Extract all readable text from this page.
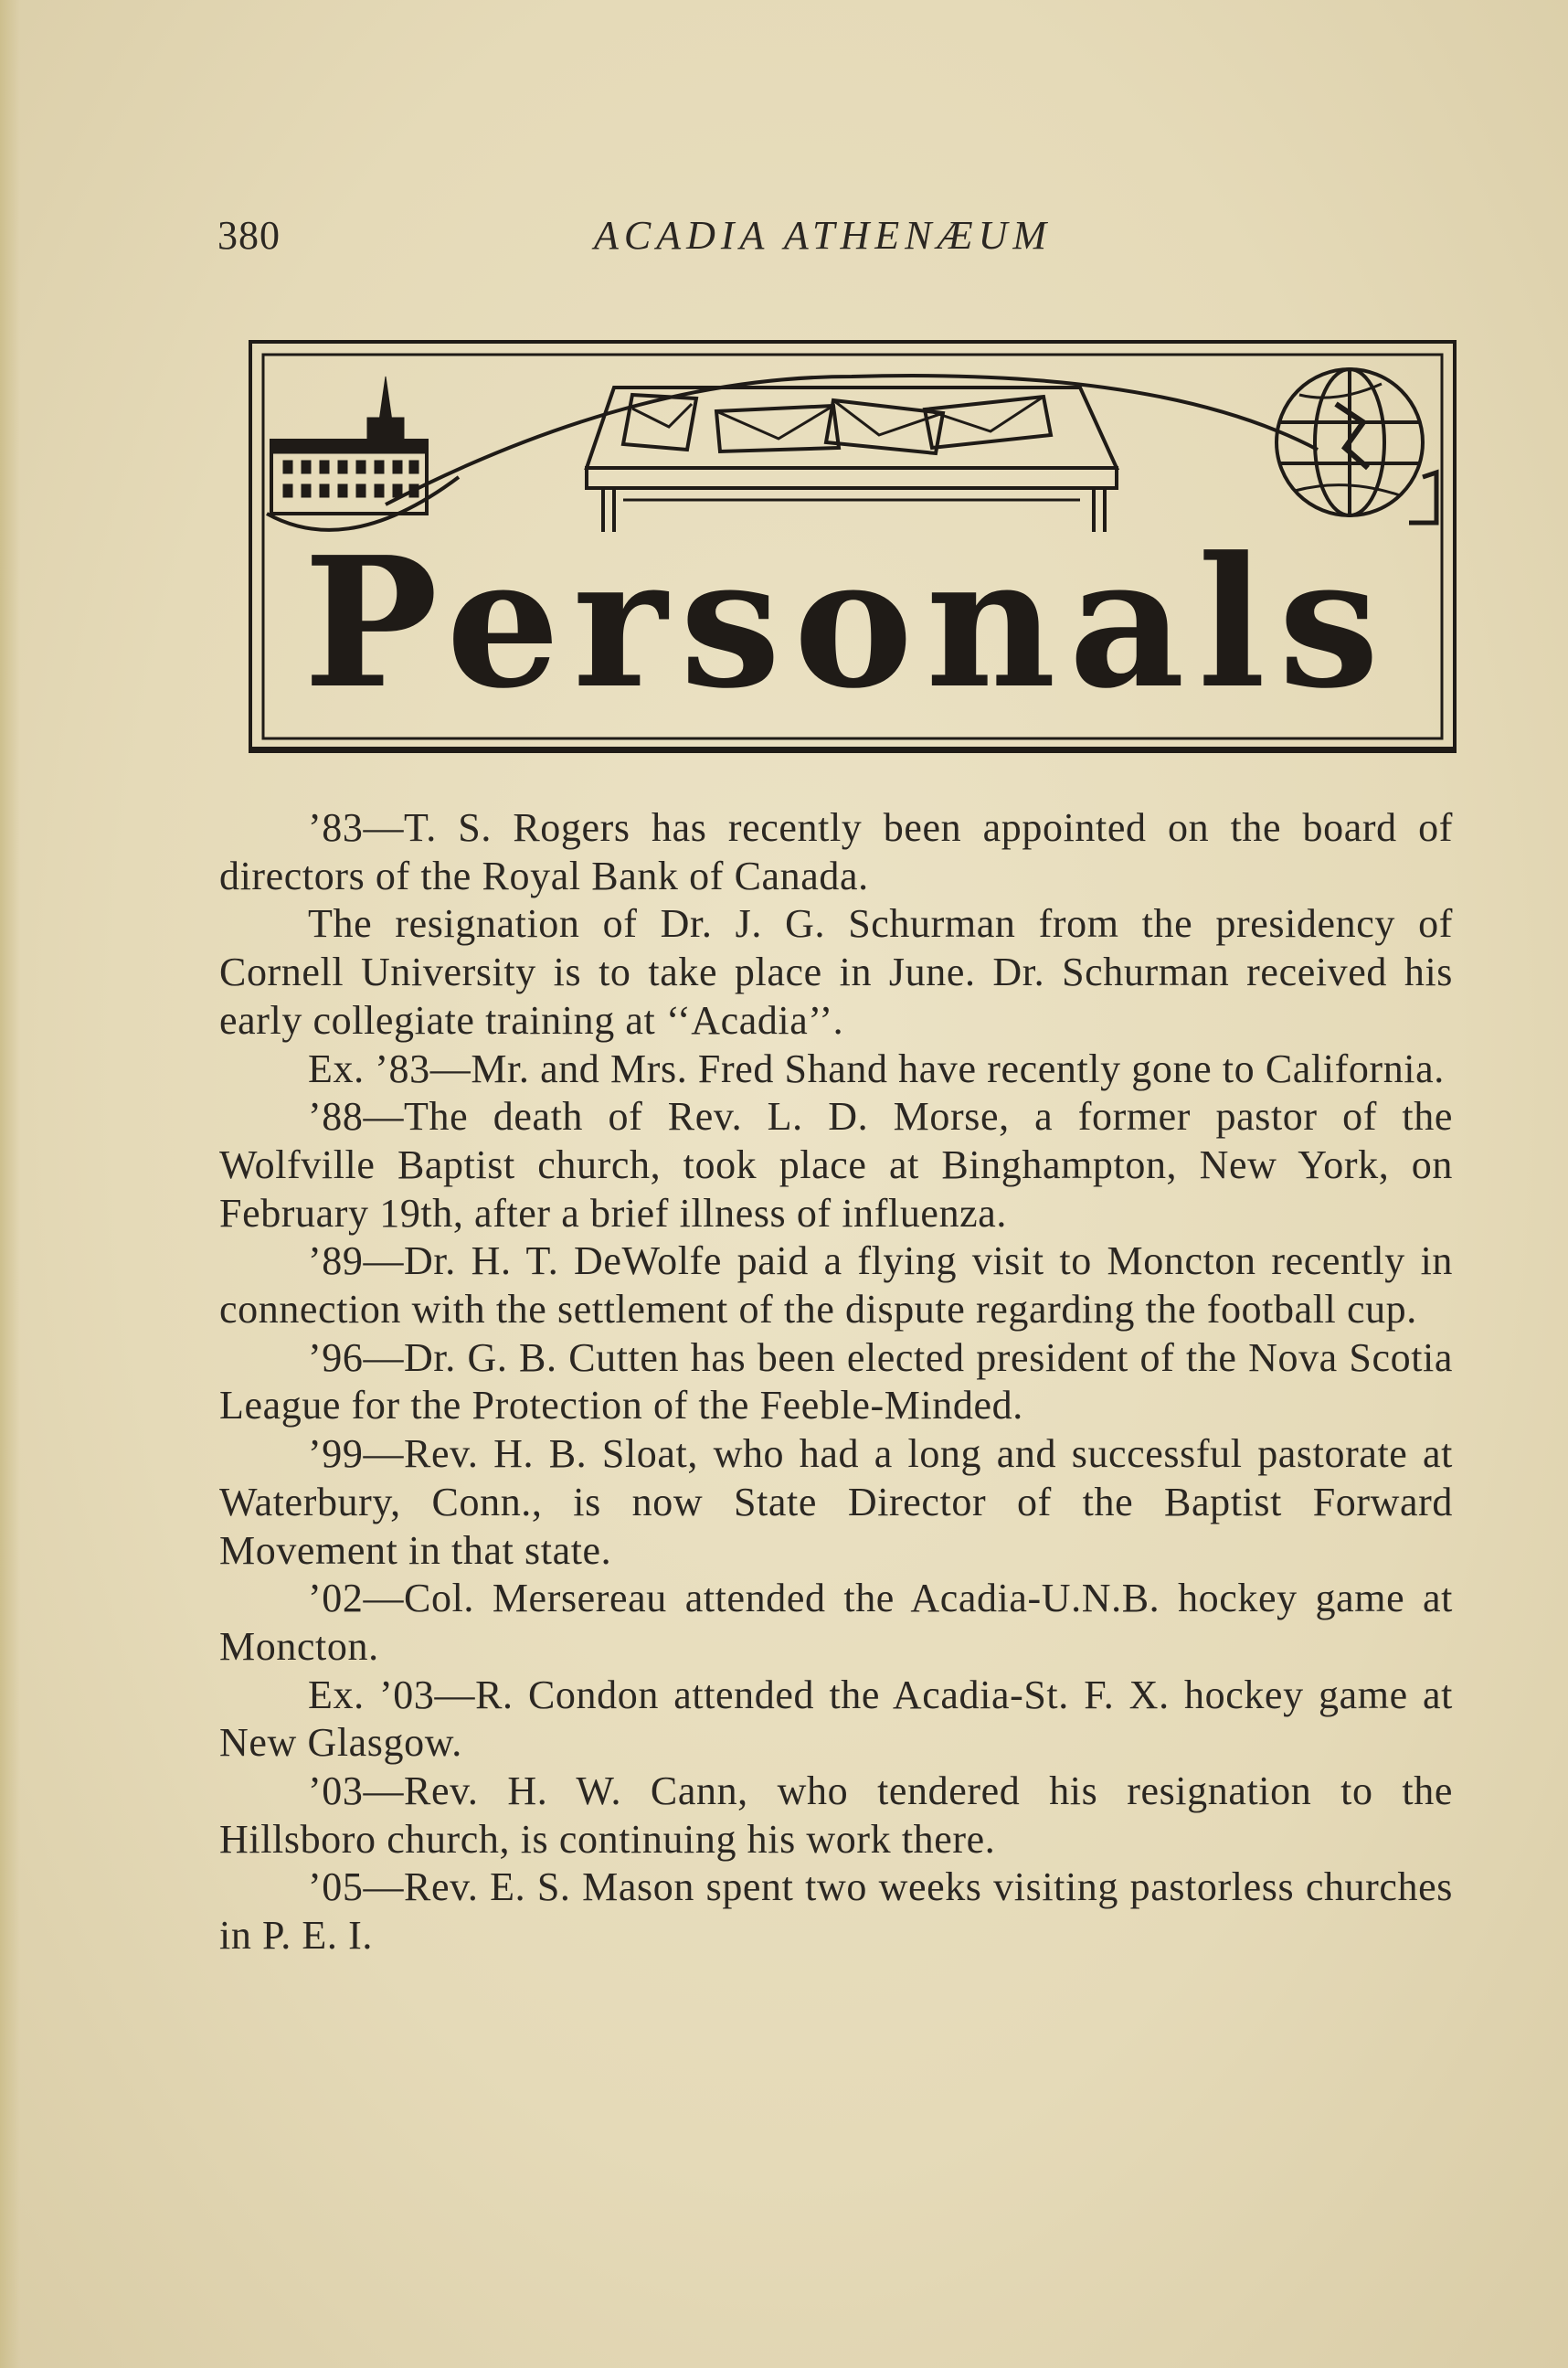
380	ACADIA ATHENÆUM
Personals

’83—T. S. Rogers has recently been appointed on the board of directors of the Royal Bank of Canada.

The resignation of Dr. J. G. Schurman from the presidency of Cornell University is to take place in June. Dr. Schurman received his early collegiate training at ‘‘Acadia’’.

Ex. ’83—Mr. and Mrs. Fred Shand have recently gone to California.

’88—The death of Rev. L. D. Morse, a former pastor of the Wolfville Baptist church, took place at Binghampton, New York, on February 19th, after a brief illness of influenza.

’89—Dr. H. T. DeWolfe paid a flying visit to Moncton recently in connection with the settlement of the dispute regarding the football cup.

’96—Dr. G. B. Cutten has been elected president of the Nova Scotia League for the Protection of the Feeble-Minded.

’99—Rev. H. B. Sloat, who had a long and successful pastorate at Waterbury, Conn., is now State Director of the Baptist Forward Movement in that state.

’02—Col. Mersereau attended the Acadia-U.N.B. hockey game at Moncton.

Ex. ’03—R. Condon attended the Acadia-St. F. X. hockey game at New Glasgow.

’03—Rev. H. W. Cann, who tendered his resignation to the Hillsboro church, is continuing his work there.

’05—Rev. E. S. Mason spent two weeks visiting pastorless churches in P. E. I.
